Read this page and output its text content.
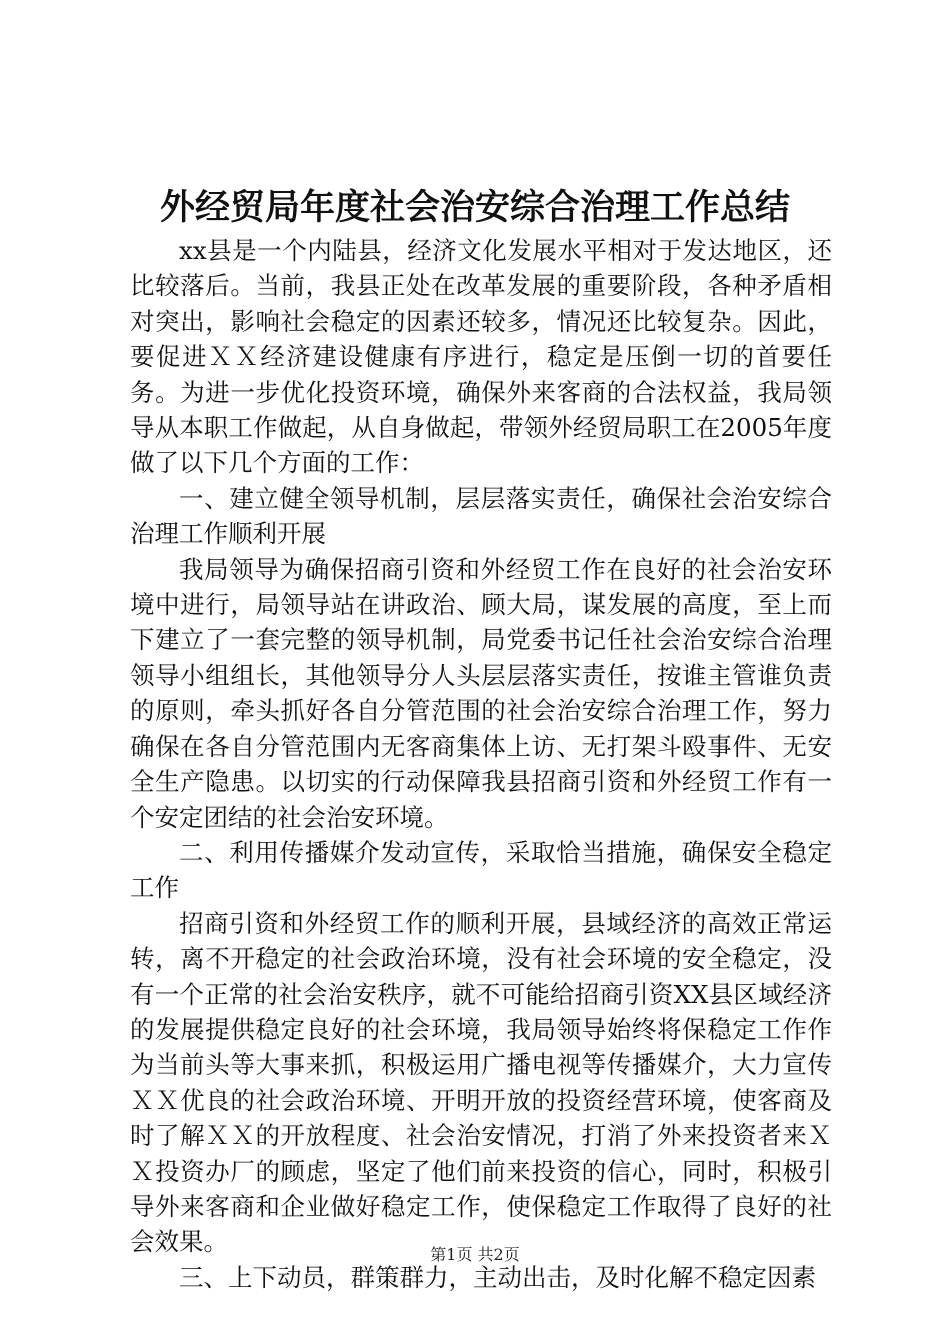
外经贸局年度社会治安综合治理工作总结

xx县是一个内陆县，经济文化发展水平相对于发达地区，还比较落后。当前，我县正处在改革发展的重要阶段，各种矛盾相对突出，影响社会稳定的因素还较多，情况还比较复杂。因此，要促进ＸＸ经济建设健康有序进行，稳定是压倒一切的首要任务。为进一步优化投资环境，确保外来客商的合法权益，我局领导从本职工作做起，从自身做起，带领外经贸局职工在2005年度做了以下几个方面的工作：

一、建立健全领导机制，层层落实责任，确保社会治安综合治理工作顺利开展

我局领导为确保招商引资和外经贸工作在良好的社会治安环境中进行，局领导站在讲政治、顾大局，谋发展的高度，至上而下建立了一套完整的领导机制，局党委书记任社会治安综合治理领导小组组长，其他领导分人头层层落实责任，按谁主管谁负责的原则，牵头抓好各自分管范围的社会治安综合治理工作，努力确保在各自分管范围内无客商集体上访、无打架斗殴事件、无安全生产隐患。以切实的行动保障我县招商引资和外经贸工作有一个安定团结的社会治安环境。

二、利用传播媒介发动宣传，采取恰当措施，确保安全稳定工作

招商引资和外经贸工作的顺利开展，县域经济的高效正常运转，离不开稳定的社会政治环境，没有社会环境的安全稳定，没有一个正常的社会治安秩序，就不可能给招商引资XX县区域经济的发展提供稳定良好的社会环境，我局领导始终将保稳定工作作为当前头等大事来抓，积极运用广播电视等传播媒介，大力宣传ＸＸ优良的社会政治环境、开明开放的投资经营环境，使客商及时了解ＸＸ的开放程度、社会治安情况，打消了外来投资者来ＸＸ投资办厂的顾虑，坚定了他们前来投资的信心，同时，积极引导外来客商和企业做好稳定工作，使保稳定工作取得了良好的社会效果。

三、上下动员，群策群力，主动出击，及时化解不稳定因素

第1页 共2页
